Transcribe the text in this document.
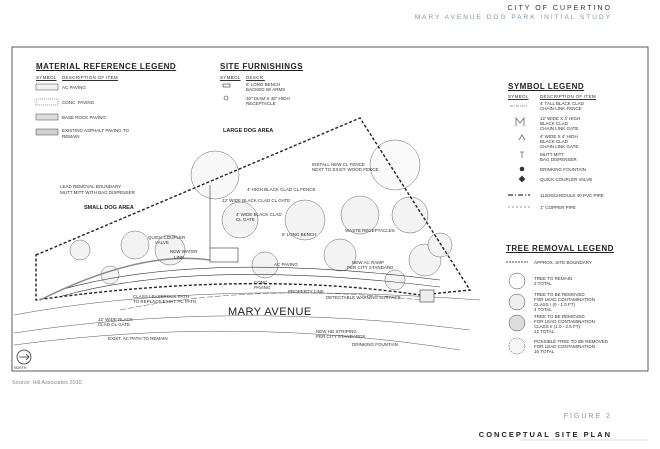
CITY OF CUPERTINO
MARY AVENUE DOG PARK INITIAL STUDY
MATERIAL REFERENCE LEGEND
SYMBOL DESCRIPTION OF ITEM
AC PAVING
CONC. PAVING
BASE ROCK PAVING
EXISTING ASPHALT PAVING TO
REMAIN
SITE FURNISHINGS
SYMBOL DESCR.
6' LONG BENCH
BACKED W/ ARMS
30" DIAM X 45" HIGH
RECEPTACLE
SYMBOL LEGEND
SYMBOL	DESCRIPTION OF ITEM
4' TALL BLACK CLAD
CHAIN LINK FENCE
12' WIDE X 4' HIGH
BLACK CLAD
CHAIN LINK GATE
4' WIDE X 4' HIGH
BLACK CLAD
CHAIN LINK GATE
MUTT MITT
BAG DISPENSER
DRINKING FOUNTAIN
QUICK COUPLER VALVE
1120/SCHEDULE 40 PVC PIPE
1" COPPER PIPE
TREE REMOVAL LEGEND
APPROX. SITE BOUNDARY
TREE TO REMAIN
2 TOTAL
TREE TO BE REMOVED
FOR LEAD CONTAMINATION
CLASS I (0 - 1.0 FT)
4 TOTAL
TREE TO BE REMOVED
FOR LEAD CONTAMINATION
CLASS II (1.0 - 2.5 FT)
12 TOTAL
POSSIBLE TREE TO BE REMOVED
FOR LEAD CONTAMINATION
16 TOTAL
LARGE DOG AREA
SMALL DOG AREA
MARY AVENUE
INSTALL NEW CL FENCE
NEXT TO EXIST. WOOD FENCE
LEAD REMOVAL BOUNDARY
MUTT MITT WITH BAG DISPENSER
4' HIGH BLACK CLAD CL FENCE
12' WIDE BLACK CLAD CL GATE
4' WIDE BLACK CLAD
CL GATE
6' LONG BENCH
WASTE RECEPTACLES
QUICK COUPLER
VALVE
NEW WATER
LINE
AC PAVING	NEW AC RAMP
PER CITY STANDARD
CLASS I BASEROCK PATH
TO REPLACE EXIST. AC PATH
DETECTABLE WARNING SURFACE
12' WIDE BLACK
CLAD CL GATE
CONC
PAVING
PROPERTY LINE
EXIST. AC PATH TO REMAIN
NEW HD STRIPING
PER CITY STANDARDS
DRINKING FOUNTAIN
NORTH
Source: Hill Associates 2010
FIGURE 2
CONCEPTUAL SITE PLAN
